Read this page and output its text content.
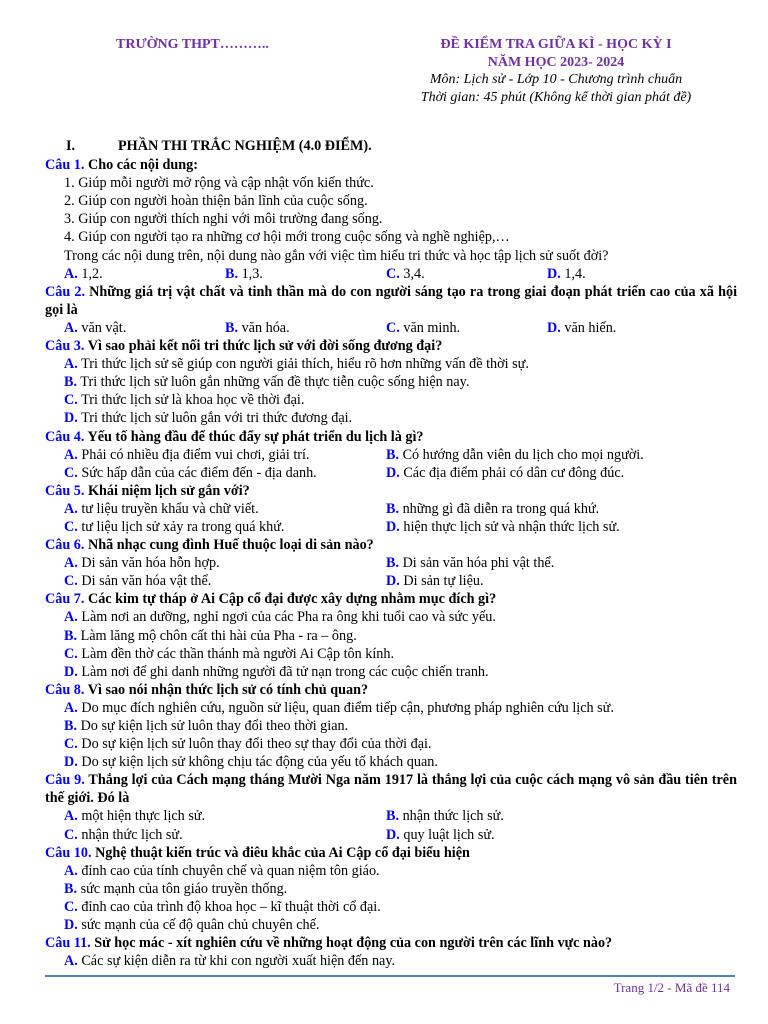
TRƯỜNG THPT………..	ĐỀ KIỂM TRA GIỮA KÌ - HỌC KỲ I
NĂM HỌC 2023- 2024
Môn: Lịch sử - Lớp 10 - Chương trình chuẩn
Thời gian: 45 phút (Không kể thời gian phát đề)
I.	PHẦN THI TRẮC NGHIỆM (4.0 ĐIỂM).
Câu 1. Cho các nội dung:
1. Giúp mỗi người mở rộng và cập nhật vốn kiến thức.
2. Giúp con người hoàn thiện bản lĩnh của cuộc sống.
3. Giúp con người thích nghi với môi trường đang sống.
4. Giúp con người tạo ra những cơ hội mới trong cuộc sống và nghề nghiệp,…
Trong các nội dung trên, nội dung nào gắn với việc tìm hiểu tri thức và học tập lịch sử suốt đời?
A. 1,2.	B. 1,3.	C. 3,4.	D. 1,4.
Câu 2. Những giá trị vật chất và tinh thần mà do con người sáng tạo ra trong giai đoạn phát triển cao của xã hội gọi là
A. văn vật.	B. văn hóa.	C. văn minh.	D. văn hiến.
Câu 3. Vì sao phải kết nối tri thức lịch sử với đời sống đương đại?
A. Tri thức lịch sử sẽ giúp con người giải thích, hiểu rõ hơn những vấn đề thời sự.
B. Tri thức lịch sử luôn gắn những vấn đề thực tiễn cuộc sống hiện nay.
C. Tri thức lịch sử là khoa học về thời đại.
D. Tri thức lịch sử luôn gắn với tri thức đương đại.
Câu 4. Yếu tố hàng đầu để thúc đẩy sự phát triển du lịch là gì?
A. Phải có nhiều địa điểm vui chơi, giải trí.	B. Có hướng dẫn viên du lịch cho mọi người.
C. Sức hấp dẫn của các điểm đến - địa danh.	D. Các địa điểm phải có dân cư đông đúc.
Câu 5. Khái niệm lịch sử gắn với?
A. tư liệu truyền khẩu và chữ viết.	B. những gì đã diễn ra trong quá khứ.
C. tư liệu lịch sử xảy ra trong quá khứ.	D. hiện thực lịch sử và nhận thức lịch sử.
Câu 6. Nhã nhạc cung đình Huế thuộc loại di sản nào?
A. Di sản văn hóa hỗn hợp.	B. Di sản văn hóa phi vật thể.
C. Di sản văn hóa vật thể.	D. Di sản tự liệu.
Câu 7. Các kim tự tháp ở Ai Cập cổ đại được xây dựng nhằm mục đích gì?
A. Làm nơi an dưỡng, nghỉ ngơi của các Pha ra ông khi tuổi cao và sức yếu.
B. Làm lăng mộ chôn cất thi hài của Pha - ra – ông.
C. Làm đền thờ các thần thánh mà người Ai Cập tôn kính.
D. Làm nơi để ghi danh những người đã tử nạn trong các cuộc chiến tranh.
Câu 8. Vì sao nói nhận thức lịch sử có tính chủ quan?
A. Do mục đích nghiên cứu, nguồn sử liệu, quan điểm tiếp cận, phương pháp nghiên cứu lịch sử.
B. Do sự kiện lịch sử luôn thay đổi theo thời gian.
C. Do sự kiện lịch sử luôn thay đổi theo sự thay đổi của thời đại.
D. Do sự kiện lịch sử không chịu tác động của yếu tố khách quan.
Câu 9. Thắng lợi của Cách mạng tháng Mười Nga năm 1917 là thắng lợi của cuộc cách mạng vô sản đầu tiên trên thế giới. Đó là
A. một hiện thực lịch sử.	B. nhận thức lịch sử.
C. nhận thức lịch sử.	D. quy luật lịch sử.
Câu 10. Nghệ thuật kiến trúc và điêu khắc của Ai Cập cổ đại biểu hiện
A. đỉnh cao của tính chuyên chế và quan niệm tôn giáo.
B. sức mạnh của tôn giáo truyền thống.
C. đỉnh cao của trình độ khoa học – kĩ thuật thời cổ đại.
D. sức mạnh của cế độ quân chủ chuyên chế.
Câu 11. Sử học mác - xít nghiên cứu về những hoạt động của con người trên các lĩnh vực nào?
A. Các sự kiện diễn ra từ khi con người xuất hiện đến nay.
Trang 1/2 - Mã đề 114
